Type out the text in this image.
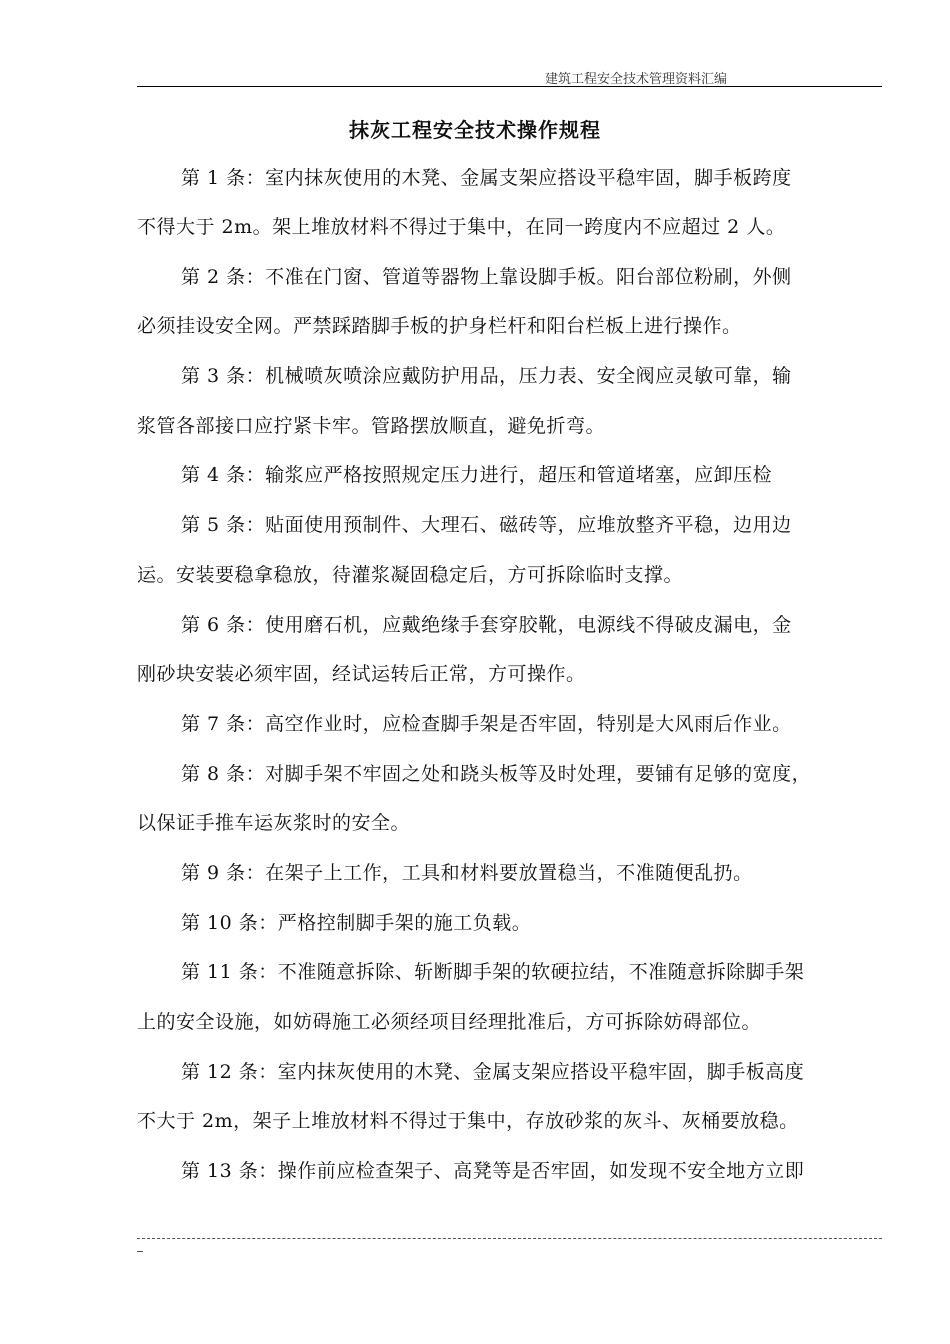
建筑工程安全技术管理资料汇编
抹灰工程安全技术操作规程
第 1 条：室内抹灰使用的木凳、金属支架应搭设平稳牢固，脚手板跨度
不得大于 2m。架上堆放材料不得过于集中，在同一跨度内不应超过 2 人。
第 2 条：不准在门窗、管道等器物上靠设脚手板。阳台部位粉刷，外侧
必须挂设安全网。严禁踩踏脚手板的护身栏杆和阳台栏板上进行操作。
第 3 条：机械喷灰喷涂应戴防护用品，压力表、安全阀应灵敏可靠，输
浆管各部接口应拧紧卡牢。管路摆放顺直，避免折弯。
第 4 条：输浆应严格按照规定压力进行，超压和管道堵塞，应卸压检
第 5 条：贴面使用预制件、大理石、磁砖等，应堆放整齐平稳，边用边
运。安装要稳拿稳放，待灌浆凝固稳定后，方可拆除临时支撑。
第 6 条：使用磨石机，应戴绝缘手套穿胶靴，电源线不得破皮漏电，金
刚砂块安装必须牢固，经试运转后正常，方可操作。
第 7 条：高空作业时，应检查脚手架是否牢固，特别是大风雨后作业。
第 8 条：对脚手架不牢固之处和跷头板等及时处理，要铺有足够的宽度，
以保证手推车运灰浆时的安全。
第 9 条：在架子上工作，工具和材料要放置稳当，不准随便乱扔。
第 10 条：严格控制脚手架的施工负载。
第 11 条：不准随意拆除、斩断脚手架的软硬拉结，不准随意拆除脚手架
上的安全设施，如妨碍施工必须经项目经理批准后，方可拆除妨碍部位。
第 12 条：室内抹灰使用的木凳、金属支架应搭设平稳牢固，脚手板高度
不大于 2m，架子上堆放材料不得过于集中，存放砂浆的灰斗、灰桶要放稳。
第 13 条：操作前应检查架子、高凳等是否牢固，如发现不安全地方立即
